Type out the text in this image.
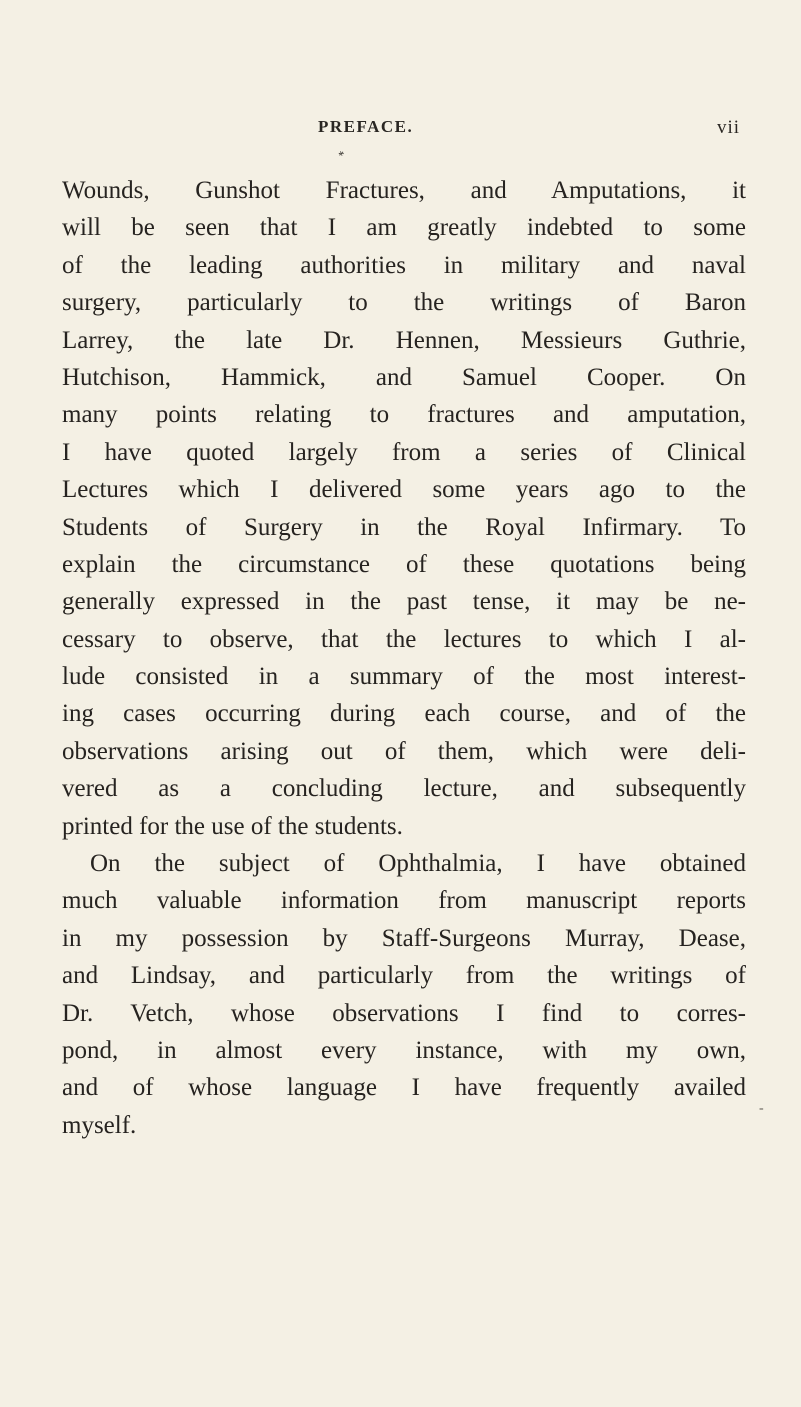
PREFACE.	vii
*
Wounds, Gunshot Fractures, and Amputations, it
will be seen that I am greatly indebted to some
of the leading authorities in military and naval
surgery, particularly to the writings of Baron
Larrey, the late Dr. Hennen, Messieurs Guthrie,
Hutchison, Hammick, and Samuel Cooper. On
many points relating to fractures and amputation,
I have quoted largely from a series of Clinical
Lectures which I delivered some years ago to the
Students of Surgery in the Royal Infirmary. To
explain the circumstance of these quotations being
generally expressed in the past tense, it may be ne-
cessary to observe, that the lectures to which I al-
lude consisted in a summary of the most interest-
ing cases occurring during each course, and of the
observations arising out of them, which were deli-
vered as a concluding lecture, and subsequently
printed for the use of the students.
On the subject of Ophthalmia, I have obtained
much valuable information from manuscript reports
in my possession by Staff-Surgeons Murray, Dease,
and Lindsay, and particularly from the writings of
Dr. Vetch, whose observations I find to corres-
pond, in almost every instance, with my own,
and of whose language I have frequently availed
myself.
-
